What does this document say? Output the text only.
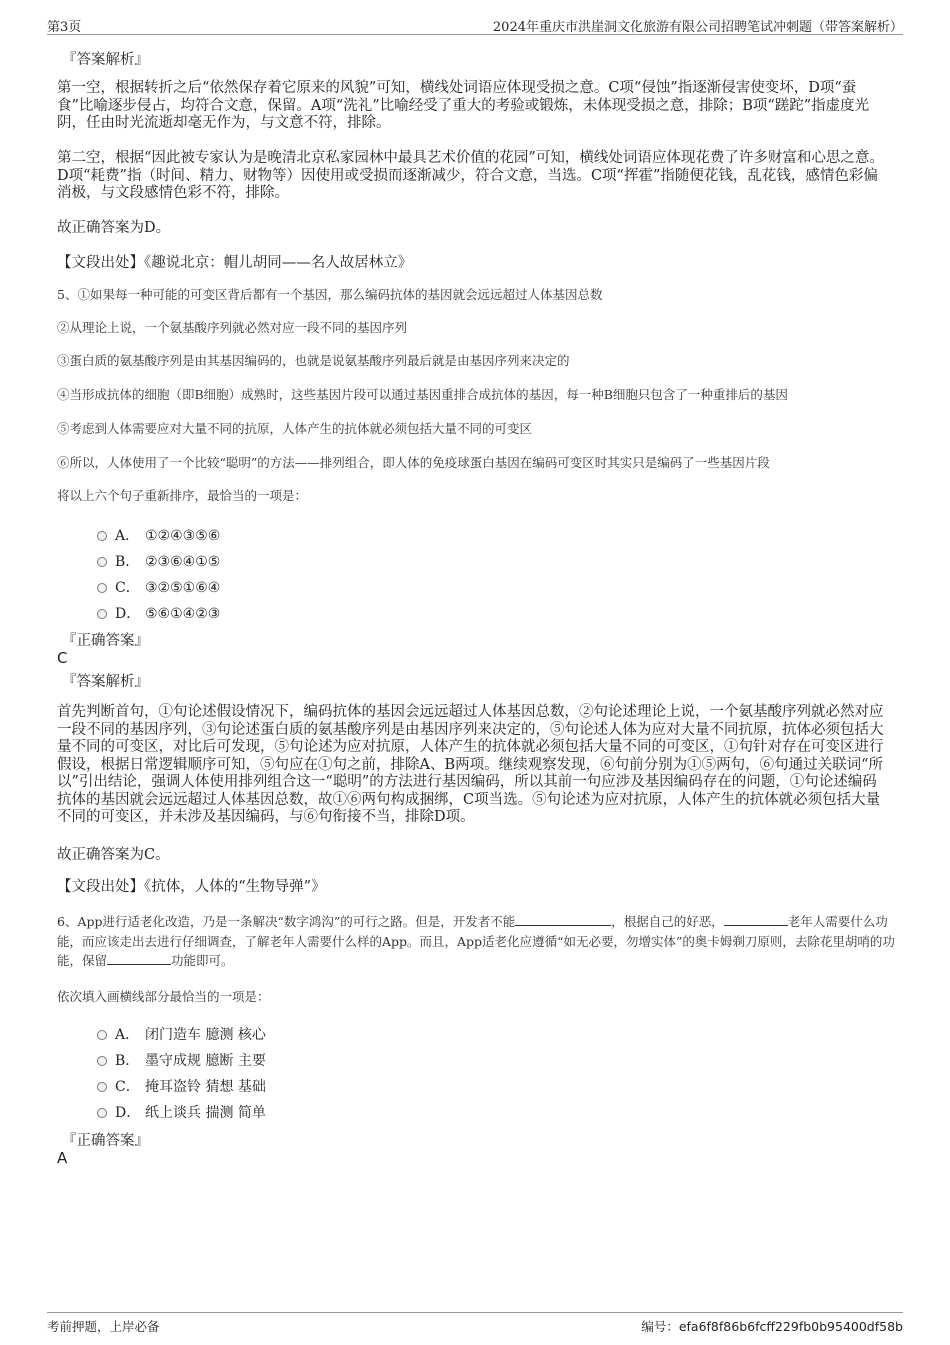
第3页	2024年重庆市洪崖洞文化旅游有限公司招聘笔试冲刺题（带答案解析）
『答案解析』
第一空，根据转折之后“依然保存着它原来的风貌”可知，横线处词语应体现受损之意。C项“侵蚀”指逐渐侵害使变坏，D项“蚕食”比喻逐步侵占，均符合文意，保留。A项“洗礼”比喻经受了重大的考验或锻炼，未体现受损之意，排除；B项“蹉跎”指虚度光阴，任由时光流逝却毫无作为，与文意不符，排除。
第二空，根据“因此被专家认为是晚清北京私家园林中最具艺术价值的花园”可知，横线处词语应体现花费了许多财富和心思之意。D项“耗费”指（时间、精力、财物等）因使用或受损而逐渐减少，符合文意，当选。C项“挥霍”指随便花钱，乱花钱，感情色彩偏消极，与文段感情色彩不符，排除。
故正确答案为D。
【文段出处】《趣说北京：帽儿胡同——名人故居林立》
5、①如果每一种可能的可变区背后都有一个基因，那么编码抗体的基因就会远远超过人体基因总数
②从理论上说，一个氨基酸序列就必然对应一段不同的基因序列
③蛋白质的氨基酸序列是由其基因编码的，也就是说氨基酸序列最后就是由基因序列来决定的
④当形成抗体的细胞（即B细胞）成熟时，这些基因片段可以通过基因重排合成抗体的基因，每一种B细胞只包含了一种重排后的基因
⑤考虑到人体需要应对大量不同的抗原，人体产生的抗体就必须包括大量不同的可变区
⑥所以，人体使用了一个比较“聪明”的方法——排列组合，即人体的免疫球蛋白基因在编码可变区时其实只是编码了一些基因片段
将以上六个句子重新排序，最恰当的一项是：
A． ①②④③⑤⑥
B． ②③⑥④①⑤
C． ③②⑤①⑥④
D． ⑤⑥①④②③
『正确答案』
C
『答案解析』
首先判断首句，①句论述假设情况下，编码抗体的基因会远远超过人体基因总数，②句论述理论上说，一个氨基酸序列就必然对应一段不同的基因序列，③句论述蛋白质的氨基酸序列是由基因序列来决定的，⑤句论述人体为应对大量不同抗原，抗体必须包括大量不同的可变区，对比后可发现，⑤句论述为应对抗原，人体产生的抗体就必须包括大量不同的可变区，①句针对存在可变区进行假设，根据日常逻辑顺序可知，⑤句应在①句之前，排除A、B两项。继续观察发现，⑥句前分别为①⑤两句，⑥句通过关联词“所以”引出结论，强调人体使用排列组合这一“聪明”的方法进行基因编码，所以其前一句应涉及基因编码存在的问题，①句论述编码抗体的基因就会远远超过人体基因总数，故①⑥两句构成捆绑，C项当选。⑤句论述为应对抗原，人体产生的抗体就必须包括大量不同的可变区，并未涉及基因编码，与⑥句衔接不当，排除D项。
故正确答案为C。
【文段出处】《抗体，人体的“生物导弹”》
6、App进行适老化改造，乃是一条解决“数字鸿沟”的可行之路。但是，开发者不能	，根据自己的好恶，	老年人需要什么功能，而应该走出去进行仔细调查，了解老年人需要什么样的App。而且，App适老化应遵循“如无必要，勿增实体”的奥卡姆剃刀原则，去除花里胡哨的功能，保留	功能即可。
依次填入画横线部分最恰当的一项是：
A． 闭门造车 臆测 核心
B． 墨守成规 臆断 主要
C． 掩耳盗铃 猜想 基础
D． 纸上谈兵 揣测 简单
『正确答案』
A
考前押题，上岸必备	编号：efa6f8f86b6fcff229fb0b95400df58b
